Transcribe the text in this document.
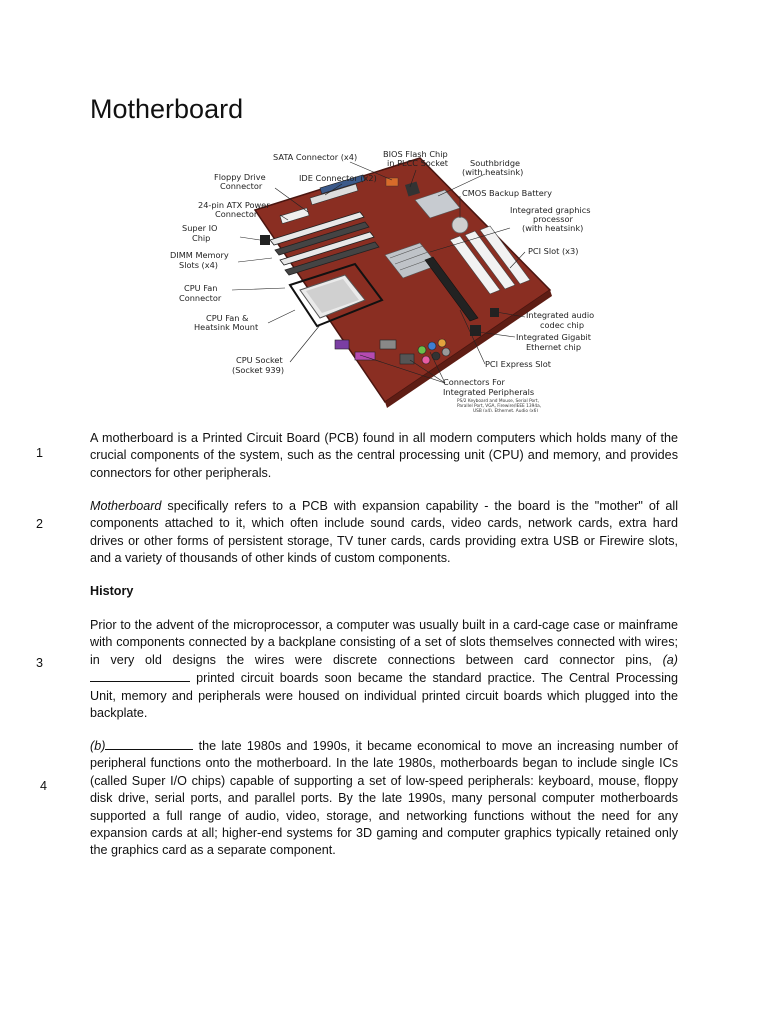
Motherboard
SATA Connector (x4)	BIOS Flash Chip
in PLCC Socket	Southbridge
(with heatsink)
Floppy Drive
Connector
IDE Connector (x2)
CMOS Backup Battery
24-pin ATX Power
Connector	Integrated graphics
processor
(with heatsink)
Super IO
Chip
PCI Slot (x3)
DIMM Memory
Slots (x4)
CPU Fan
Connector
Integrated audio
codec chip
CPU Fan &
Heatsink Mount
Integrated Gigabit
Ethernet chip
CPU Socket
(Socket 939)
PCI Express Slot
Connectors For
Integrated Peripherals
PS/2 Keyboard and Mouse, Serial Port,
Parallel Port, VGA, Firewire/IEEE 1394a,
USB (x4), Ethernet, Audio (x6)
1

A motherboard is a Printed Circuit Board (PCB) found in all modern computers which holds many of the crucial components of the system, such as the central processing unit (CPU) and memory, and provides connectors for other peripherals.

2

Motherboard specifically refers to a PCB with expansion capability - the board is the "mother" of all components attached to it, which often include sound cards, video cards, network cards, extra hard drives or other forms of persistent storage, TV tuner cards, cards providing extra USB or Firewire slots, and a variety of thousands of other kinds of custom components.

History

3

Prior to the advent of the microprocessor, a computer was usually built in a card-cage case or mainframe with components connected by a backplane consisting of a set of slots themselves connected with wires; in very old designs the wires were discrete connections between card connector pins, (a) printed circuit boards soon became the standard practice. The Central Processing Unit, memory and peripherals were housed on individual printed circuit boards which plugged into the backplate.

4

(b)	the late 1980s and 1990s, it became economical to move an increasing number of peripheral functions onto the motherboard. In the late 1980s, motherboards began to include single ICs (called Super I/O chips) capable of supporting a set of low-speed peripherals: keyboard, mouse, floppy disk drive, serial ports, and parallel ports. By the late 1990s, many personal computer motherboards supported a full range of audio, video, storage, and networking functions without the need for any expansion cards at all; higher-end systems for 3D gaming and computer graphics typically retained only the graphics card as a separate component.
